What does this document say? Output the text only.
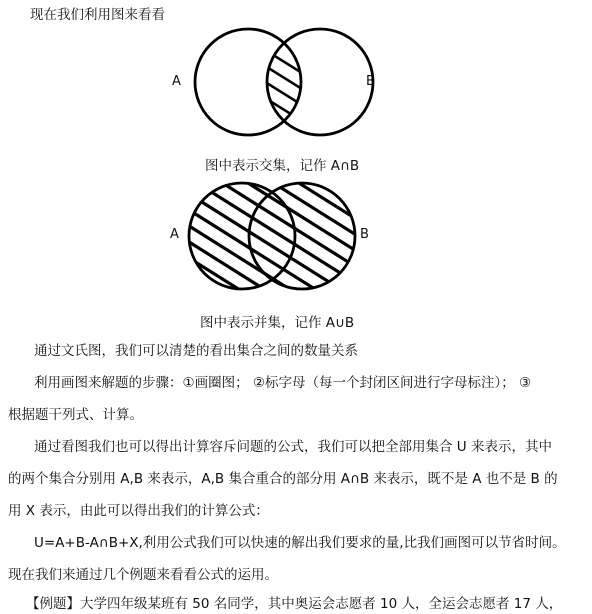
现在我们利用图来看看
A	B
图中表示交集，记作 A∩B
A	B
图中表示并集，记作 A∪B
通过文氏图，我们可以清楚的看出集合之间的数量关系
利用画图来解题的步骤：①画圈图； ②标字母（每一个封闭区间进行字母标注）； ③
根据题干列式、计算。
通过看图我们也可以得出计算容斥问题的公式，我们可以把全部用集合 U 来表示，其中
的两个集合分别用 A,B 来表示，A,B 集合重合的部分用 A∩B 来表示，既不是 A 也不是 B 的
用 X 表示，由此可以得出我们的计算公式：
U=A+B-A∩B+X,利用公式我们可以快速的解出我们要求的量,比我们画图可以节省时间。
现在我们来通过几个例题来看看公式的运用。
【例题】大学四年级某班有 50 名同学，其中奥运会志愿者 10 人，全运会志愿者 17 人，
